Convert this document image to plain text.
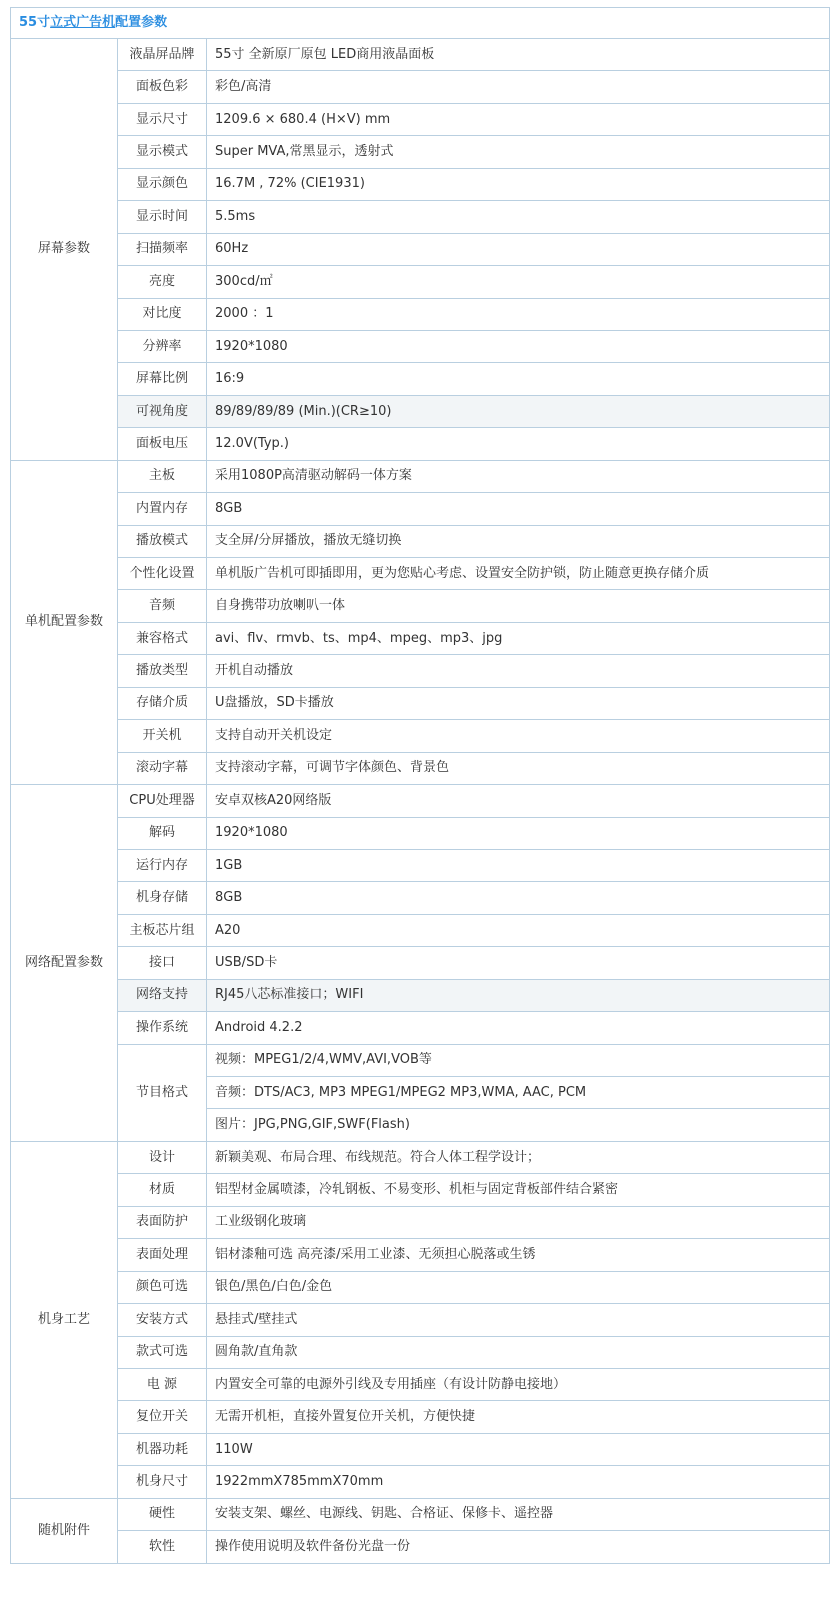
55寸立式广告机配置参数		
屏幕参数	液晶屏品牌	55寸 全新原厂原包 LED商用液晶面板
	面板色彩	彩色/高清
	显示尺寸	1209.6 × 680.4 (H×V) mm
	显示模式	Super MVA,常黑显示，透射式
	显示颜色	16.7M , 72% (CIE1931)
	显示时间	5.5ms
	扫描频率	60Hz
	亮度	300cd/㎡
	对比度	2000 ：1
	分辨率	1920*1080
	屏幕比例	16:9
	可视角度	89/89/89/89 (Min.)(CR≥10)
	面板电压	12.0V(Typ.)
单机配置参数	主板	采用1080P高清驱动解码一体方案
	内置内存	8GB
	播放模式	支全屏/分屏播放，播放无缝切换
	个性化设置	单机版广告机可即插即用，更为您贴心考虑、设置安全防护锁，防止随意更换存储介质
	音频	自身携带功放喇叭一体
	兼容格式	avi、flv、rmvb、ts、mp4、mpeg、mp3、jpg
	播放类型	开机自动播放
	存储介质	U盘播放，SD卡播放
	开关机	支持自动开关机设定
	滚动字幕	支持滚动字幕，可调节字体颜色、背景色
网络配置参数	CPU处理器	安卓双核A20网络版
	解码	1920*1080
	运行内存	1GB
	机身存储	8GB
	主板芯片组	A20
	接口	USB/SD卡
	网络支持	RJ45八芯标准接口；WIFI
	操作系统	Android 4.2.2
	节目格式	视频：MPEG1/2/4,WMV,AVI,VOB等
		音频：DTS/AC3, MP3 MPEG1/MPEG2 MP3,WMA, AAC, PCM
		图片：JPG,PNG,GIF,SWF(Flash)
机身工艺	设计	新颖美观、布局合理、布线规范。符合人体工程学设计；
	材质	铝型材金属喷漆，冷轧钢板、不易变形、机柜与固定背板部件结合紧密
	表面防护	工业级钢化玻璃
	表面处理	铝材漆釉可选 高亮漆/采用工业漆、无须担心脱落或生锈
	颜色可选	银色/黑色/白色/金色
	安装方式	悬挂式/壁挂式
	款式可选	圆角款/直角款
	电 源	内置安全可靠的电源外引线及专用插座（有设计防静电接地）
	复位开关	无需开机柜，直接外置复位开关机，方便快捷
	机器功耗	110W
	机身尺寸	1922mmX785mmX70mm
随机附件	硬性	安装支架、螺丝、电源线、钥匙、合格证、保修卡、遥控器
	软性	操作使用说明及软件备份光盘一份
